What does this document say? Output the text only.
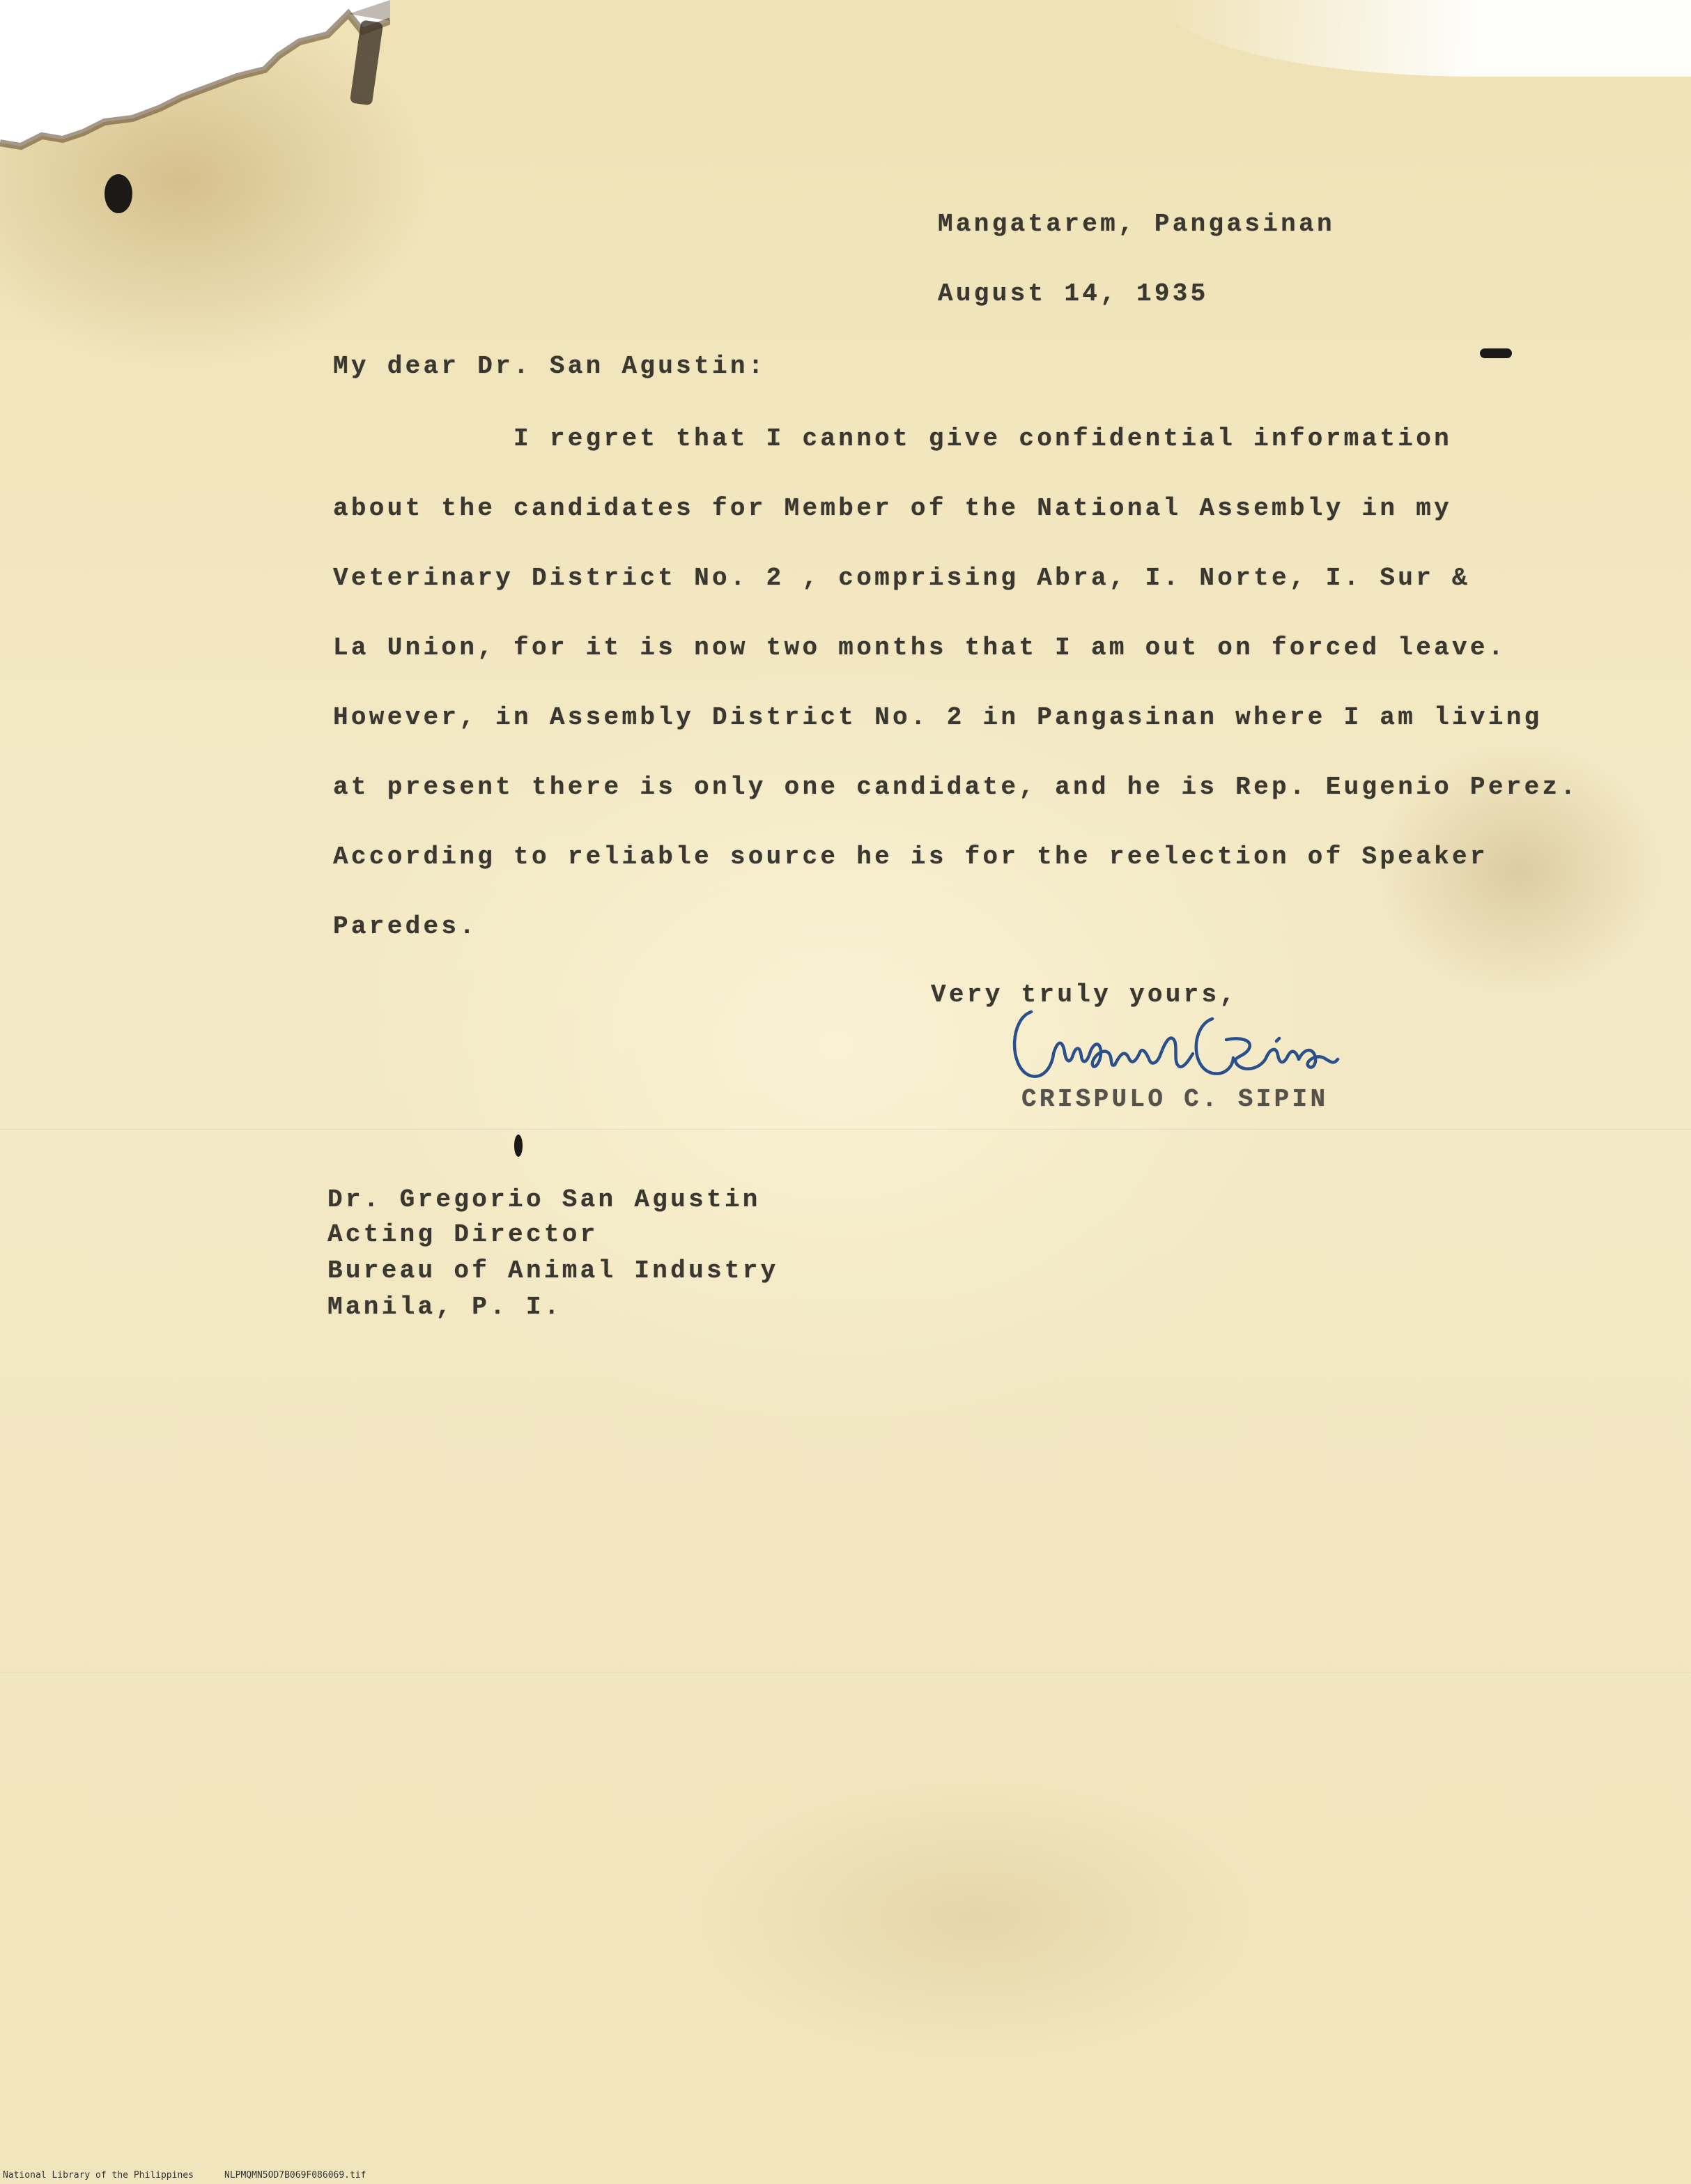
Mangatarem, Pangasinan
August 14, 1935
My dear Dr. San Agustin:
I regret that I cannot give confidential information
about the candidates for Member of the National Assembly in my
Veterinary District No. 2 , comprising Abra, I. Norte, I. Sur &
La Union, for it is now two months that I am out on forced leave.
However, in Assembly District No. 2 in Pangasinan where I am living
at present there is only one candidate, and he is Rep. Eugenio Perez.
According to reliable source he is for the reelection of Speaker
Paredes.
Very truly yours,
CRISPULO C. SIPIN
Dr. Gregorio San Agustin
Acting Director
Bureau of Animal Industry
Manila, P. I.
National Library of the Philippines	NLPMQMN5OD7B069F086069.tif
